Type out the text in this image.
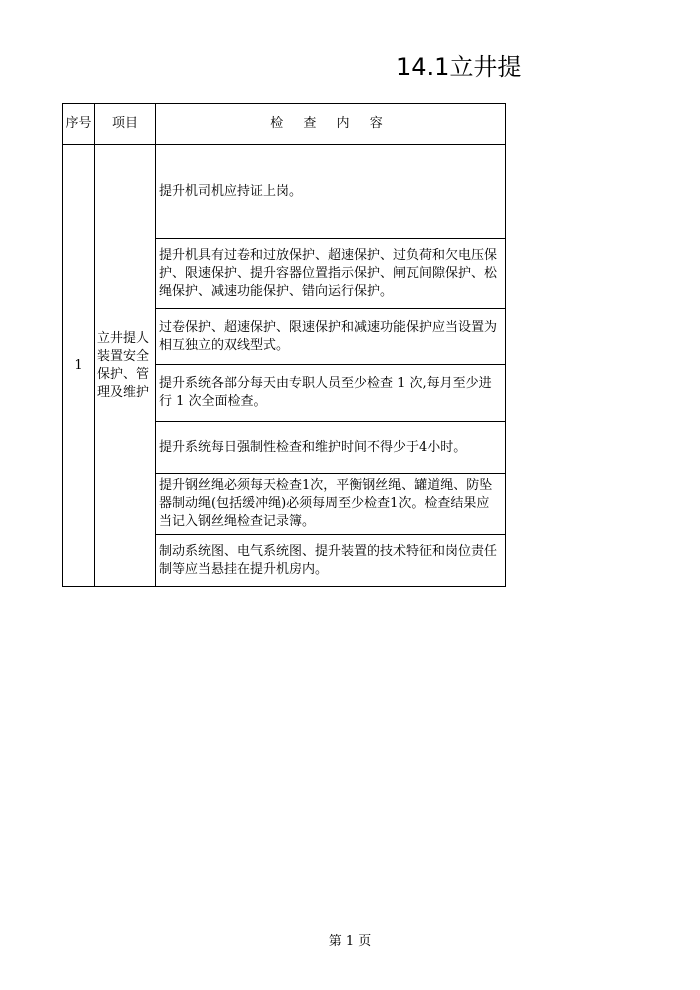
14.1立井提
序号	项目	检 查 内 容
1	立井提人装置安全保护、管理及维护	提升机司机应持证上岗。
		提升机具有过卷和过放保护、超速保护、过负荷和欠电压保护、限速保护、提升容器位置指示保护、闸瓦间隙保护、松绳保护、减速功能保护、错向运行保护。
		过卷保护、超速保护、限速保护和减速功能保护应当设置为相互独立的双线型式。
		提升系统各部分每天由专职人员至少检查 1 次,每月至少进行 1 次全面检查。
		提升系统每日强制性检查和维护时间不得少于4小时。
		提升钢丝绳必须每天检查1次，平衡钢丝绳、罐道绳、防坠器制动绳(包括缓冲绳)必须每周至少检查1次。检查结果应当记入钢丝绳检查记录簿。
		制动系统图、电气系统图、提升装置的技术特征和岗位责任制等应当悬挂在提升机房内。
第 1 页
